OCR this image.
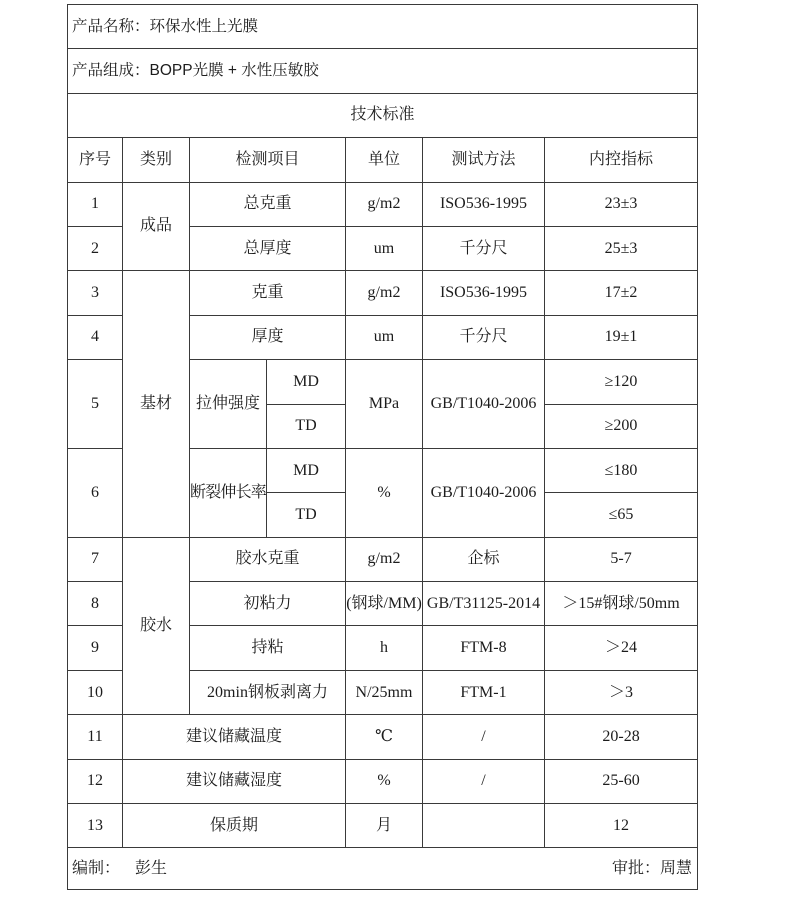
产品名称：环保水性上光膜						
产品组成：BOPP光膜 + 水性压敏胶						
技术标准						
序号	类别	检测项目		单位	测试方法	内控指标
1	成品	总克重		g/m2	ISO536-1995	23±3
2		总厚度		um	千分尺	25±3
3	基材	克重		g/m2	ISO536-1995	17±2
4		厚度		um	千分尺	19±1
5		拉伸强度	MD	MPa	GB/T1040-2006	≥120
			TD			≥200
6		断裂伸长率	MD	%	GB/T1040-2006	≤180
			TD			≤65
7	胶水	胶水克重		g/m2	企标	5-7
8		初粘力		(钢球/MM)	GB/T31125-2014	＞15#钢球/50mm
9		持粘		h	FTM-8	＞24
10		20min钢板剥离力		N/25mm	FTM-1	＞3
11	建议储藏温度			℃	/	20-28
12	建议储藏湿度			%	/	25-60
13	保质期			月		12

编制： 彭生 审批：周慧						
